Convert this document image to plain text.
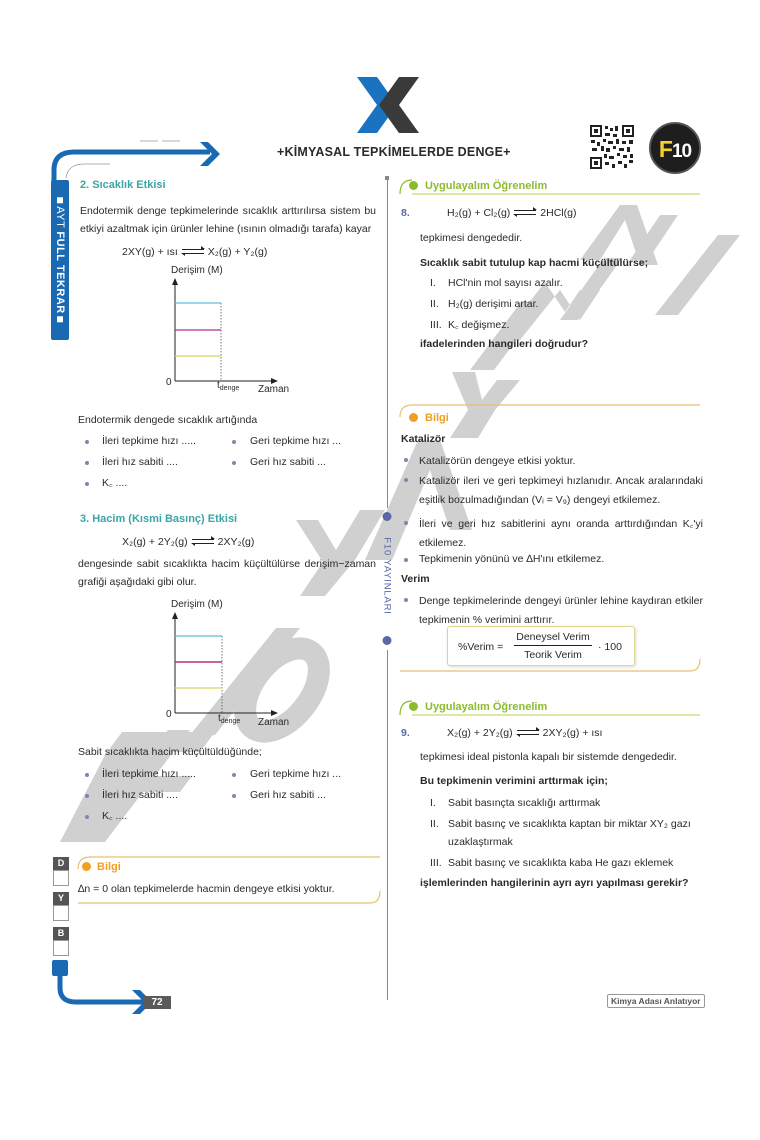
+KİMYASAL TEPKİMELERDE DENGE+	F10
AYT FULL TEKRAR
2. Sıcaklık Etkisi
Endotermik denge tepkimelerinde sıcaklık arttırılırsa sistem bu etkiyi azaltmak için ürünler lehine (ısının olmadığı tarafa) kayar
2XY(g) + ısı	X₂(g) + Y₂(g)
Derişim (M)
0	$t_{denge}$ Zaman
Endotermik dengede sıcaklık artığında
İleri tepkime hızı .....	Geri tepkime hızı ...
İleri hız sabiti ....	Geri hız sabiti ...
K꜀ ....
3. Hacim (Kısmi Basınç) Etkisi
X₂(g) + 2Y₂(g)	2XY₂(g)
dengesinde sabit sıcaklıkta hacim küçültülürse derişim−zaman grafiği aşağıdaki gibi olur.
Derişim (M)
0	$t_{denge}$ Zaman
Sabit sıcaklıkta hacim küçültüldüğünde;
İleri tepkime hızı .....	Geri tepkime hızı ...
İleri hız sabiti ....	Geri hız sabiti ...
K꜀ ....
Bilgi
∆n = 0 olan tepkimelerde hacmin dengeye etkisi yoktur.
D
Y
B
72
F10 YAYINLARI
Uygulayalım Öğrenelim
8.	H₂(g) + Cl₂(g)	2HCl(g)
tepkimesi dengededir.
Sıcaklık sabit tutulup kap hacmi küçültülürse;
I. HCl'nin mol sayısı azalır.
II. H₂(g) derişimi artar.
III. K꜀ değişmez.
ifadelerinden hangileri doğrudur?
Bilgi
Katalizör
Katalizörün dengeye etkisi yoktur.
Katalizör ileri ve geri tepkimeyi hızlanıdır. Ancak aralarındaki eşitlik bozulmadığından (Vᵢ = V₉) dengeyi etkilemez.
İleri ve geri hız sabitlerini aynı oranda arttırdığından K꜀'yi etkilemez.
Tepkimenin yönünü ve ∆H'ını etkilemez.
Verim
Denge tepkimelerinde dengeyi ürünler lehine kaydıran etkiler tepkimenin % verimini arttırır.
%Verim =
Deneysel Verim
Teorik Verim
· 100
Uygulayalım Öğrenelim
9.	X₂(g) + 2Y₂(g)	2XY₂(g) + ısı
tepkimesi ideal pistonla kapalı bir sistemde dengededir.
Bu tepkimenin verimini arttırmak için;
I. Sabit basınçta sıcaklığı arttırmak
II. Sabit basınç ve sıcaklıkta kaptan bir miktar XY₂ gazı uzaklaştırmak
III. Sabit basınç ve sıcaklıkta kaba He gazı eklemek
işlemlerinden hangilerinin ayrı ayrı yapılması gerekir?
Kimya Adası Anlatıyor
